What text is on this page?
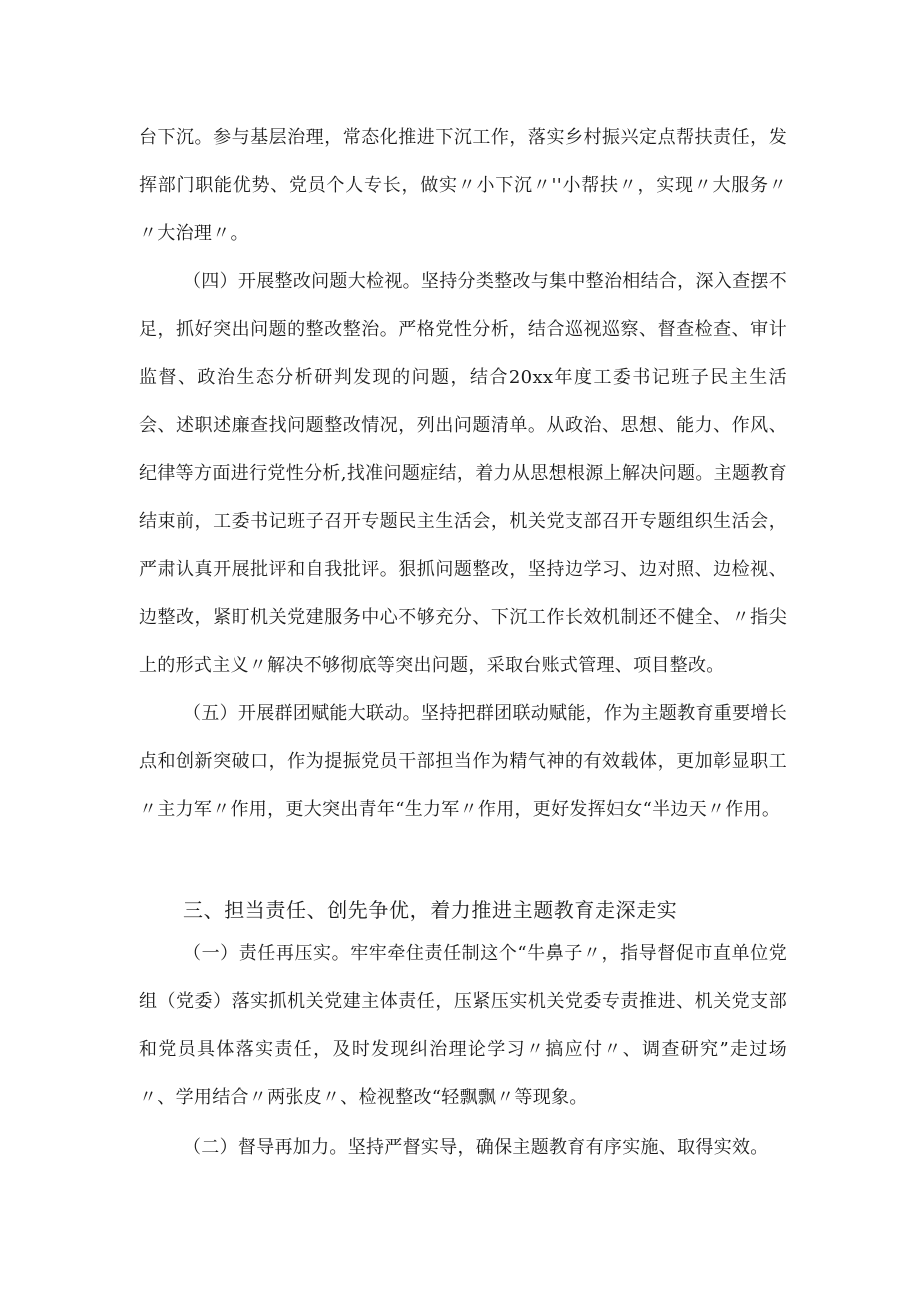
台下沉。参与基层治理，常态化推进下沉工作，落实乡村振兴定点帮扶责任，发挥部门职能优势、党员个人专长，做实〃小下沉〃''小帮扶〃，实现〃大服务〃〃大治理〃。

（四）开展整改问题大检视。坚持分类整改与集中整治相结合，深入查摆不足，抓好突出问题的整改整治。严格党性分析，结合巡视巡察、督查检查、审计监督、政治生态分析研判发现的问题，结合20xx年度工委书记班子民主生活会、述职述廉查找问题整改情况，列出问题清单。从政治、思想、能力、作风、纪律等方面进行党性分析,找准问题症结，着力从思想根源上解决问题。主题教育结束前，工委书记班子召开专题民主生活会，机关党支部召开专题组织生活会，严肃认真开展批评和自我批评。狠抓问题整改，坚持边学习、边对照、边检视、边整改，紧盯机关党建服务中心不够充分、下沉工作长效机制还不健全、〃指尖上的形式主义〃解决不够彻底等突出问题，采取台账式管理、项目整改。

（五）开展群团赋能大联动。坚持把群团联动赋能，作为主题教育重要增长点和创新突破口，作为提振党员干部担当作为精气神的有效载体，更加彰显职工〃主力军〃作用，更大突出青年“生力军〃作用，更好发挥妇女“半边天〃作用。

三、担当责任、创先争优，着力推进主题教育走深走实

（一）责任再压实。牢牢牵住责任制这个“牛鼻子〃，指导督促市直单位党组（党委）落实抓机关党建主体责任，压紧压实机关党委专责推进、机关党支部和党员具体落实责任，及时发现纠治理论学习〃搞应付〃、调查研究”走过场〃、学用结合〃两张皮〃、检视整改“轻飘飘〃等现象。

（二）督导再加力。坚持严督实导，确保主题教育有序实施、取得实效。
